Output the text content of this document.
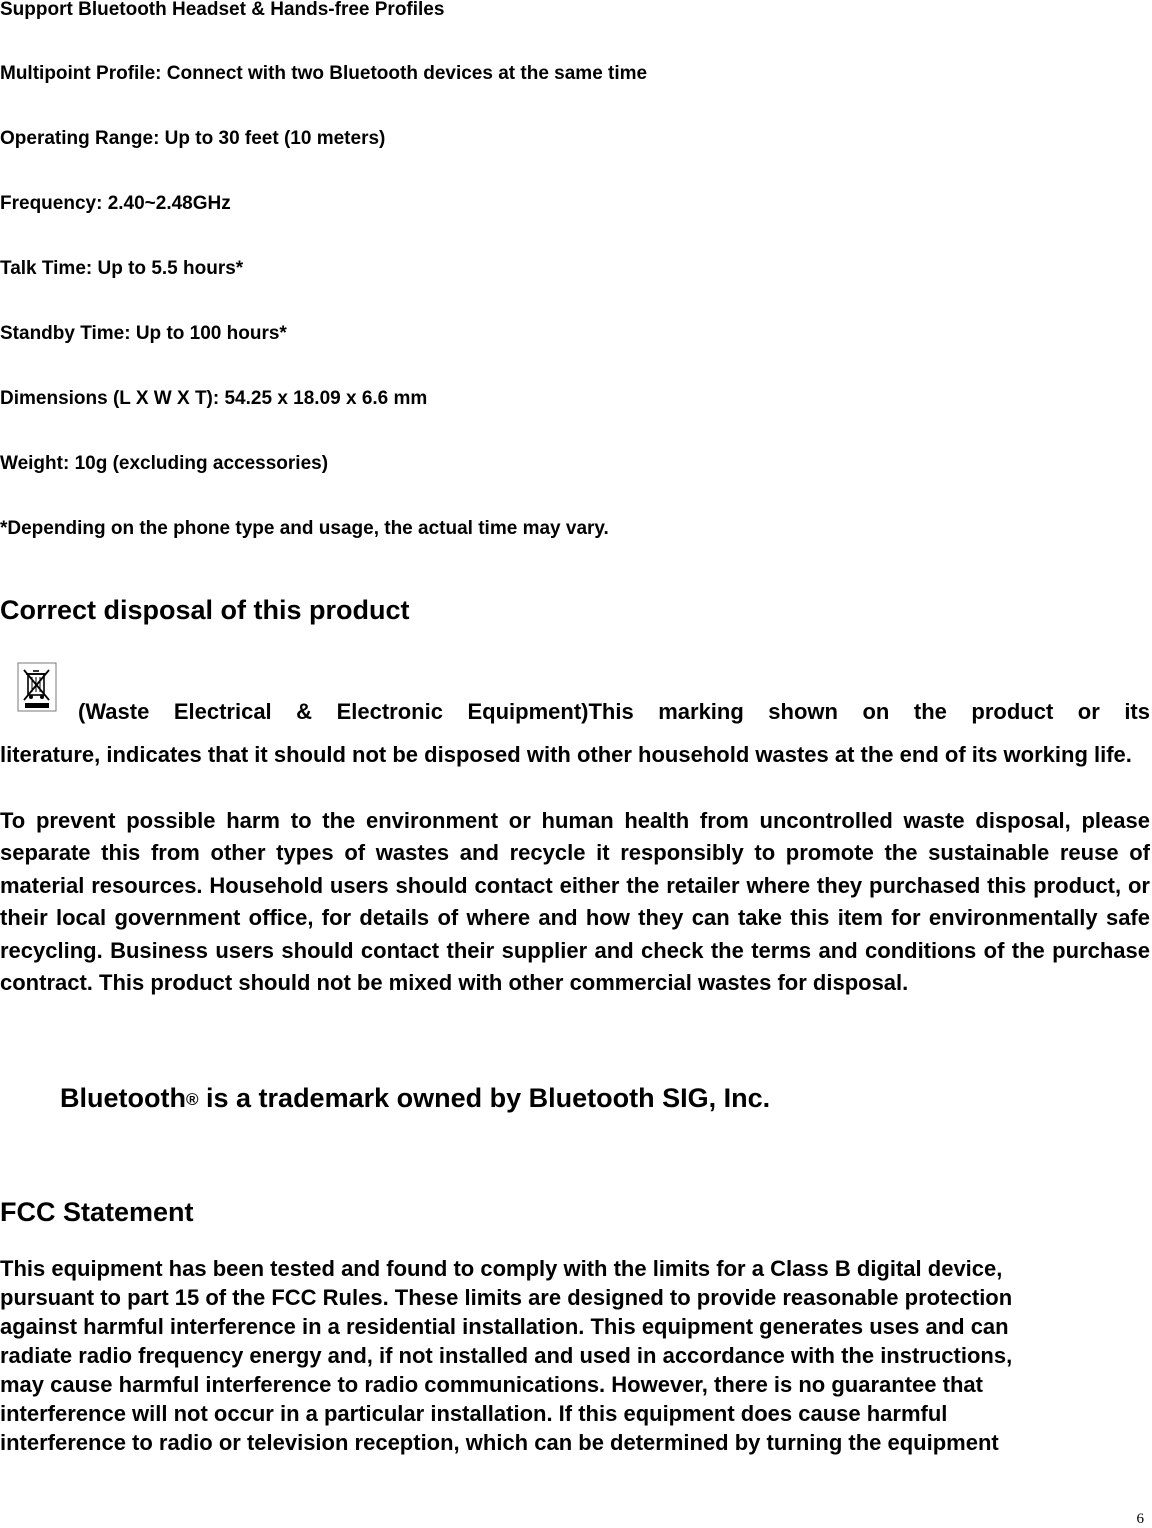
Support Bluetooth Headset & Hands-free Profiles

Multipoint Profile: Connect with two Bluetooth devices at the same time

Operating Range: Up to 30 feet (10 meters)

Frequency: 2.40~2.48GHz

Talk Time: Up to 5.5 hours*

Standby Time: Up to 100 hours*

Dimensions (L X W X T): 54.25 x 18.09 x 6.6 mm

Weight: 10g (excluding accessories)

*Depending on the phone type and usage, the actual time may vary.

Correct disposal of this product
(Waste Electrical & Electronic Equipment)This marking shown on the product or its

literature, indicates that it should not be disposed with other household wastes at the end of its working life.

To prevent possible harm to the environment or human health from uncontrolled waste disposal, please separate this from other types of wastes and recycle it responsibly to promote the sustainable reuse of material resources. Household users should contact either the retailer where they purchased this product, or their local government office, for details of where and how they can take this item for environmentally safe recycling. Business users should contact their supplier and check the terms and conditions of the purchase contract. This product should not be mixed with other commercial wastes for disposal.

Bluetooth® is a trademark owned by Bluetooth SIG, Inc.

FCC Statement
This equipment has been tested and found to comply with the limits for a Class B digital device,
pursuant to part 15 of the FCC Rules. These limits are designed to provide reasonable protection
against harmful interference in a residential installation. This equipment generates uses and can
radiate radio frequency energy and, if not installed and used in accordance with the instructions,
may cause harmful interference to radio communications. However, there is no guarantee that
interference will not occur in a particular installation. If this equipment does cause harmful
interference to radio or television reception, which can be determined by turning the equipment
6
